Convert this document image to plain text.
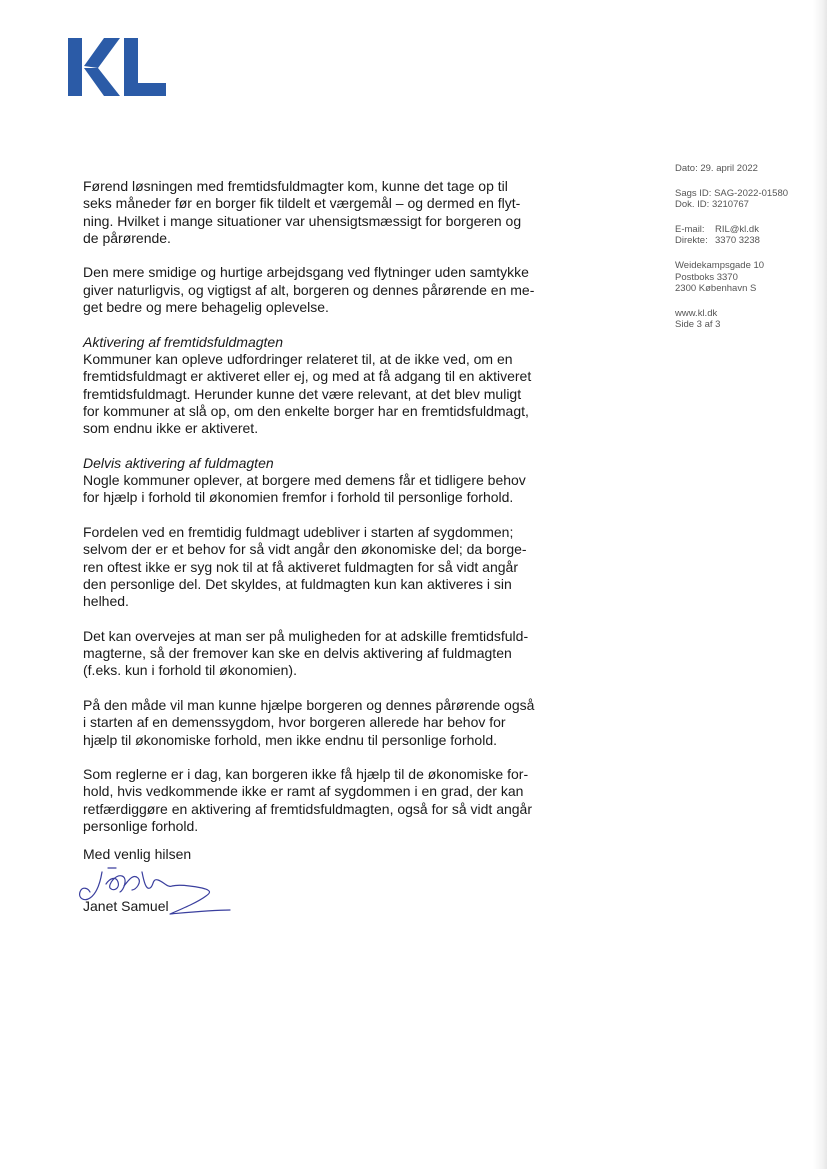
Dato: 29. april 2022
Sags ID: SAG-2022-01580
Dok. ID: 3210767
E-mail: RIL@kl.dk
Direkte: 3370 3238
Weidekampsgade 10
Postboks 3370
2300 København S
www.kl.dk
Side 3 af 3

Førend løsningen med fremtidsfuldmagter kom, kunne det tage op til
seks måneder før en borger fik tildelt et værgemål – og dermed en flyt-
ning. Hvilket i mange situationer var uhensigtsmæssigt for borgeren og
de pårørende.

Den mere smidige og hurtige arbejdsgang ved flytninger uden samtykke
giver naturligvis, og vigtigst af alt, borgeren og dennes pårørende en me-
get bedre og mere behagelig oplevelse.

Aktivering af fremtidsfuldmagten

Kommuner kan opleve udfordringer relateret til, at de ikke ved, om en
fremtidsfuldmagt er aktiveret eller ej, og med at få adgang til en aktiveret
fremtidsfuldmagt. Herunder kunne det være relevant, at det blev muligt
for kommuner at slå op, om den enkelte borger har en fremtidsfuldmagt,
som endnu ikke er aktiveret.

Delvis aktivering af fuldmagten

Nogle kommuner oplever, at borgere med demens får et tidligere behov
for hjælp i forhold til økonomien fremfor i forhold til personlige forhold.

Fordelen ved en fremtidig fuldmagt udebliver i starten af sygdommen;
selvom der er et behov for så vidt angår den økonomiske del; da borge-
ren oftest ikke er syg nok til at få aktiveret fuldmagten for så vidt angår
den personlige del. Det skyldes, at fuldmagten kun kan aktiveres i sin
helhed.

Det kan overvejes at man ser på muligheden for at adskille fremtidsfuld-
magterne, så der fremover kan ske en delvis aktivering af fuldmagten
(f.eks. kun i forhold til økonomien).

På den måde vil man kunne hjælpe borgeren og dennes pårørende også
i starten af en demenssygdom, hvor borgeren allerede har behov for
hjælp til økonomiske forhold, men ikke endnu til personlige forhold.

Som reglerne er i dag, kan borgeren ikke få hjælp til de økonomiske for-
hold, hvis vedkommende ikke er ramt af sygdommen i en grad, der kan
retfærdiggøre en aktivering af fremtidsfuldmagten, også for så vidt angår
personlige forhold.

Med venlig hilsen
Janet Samuel
